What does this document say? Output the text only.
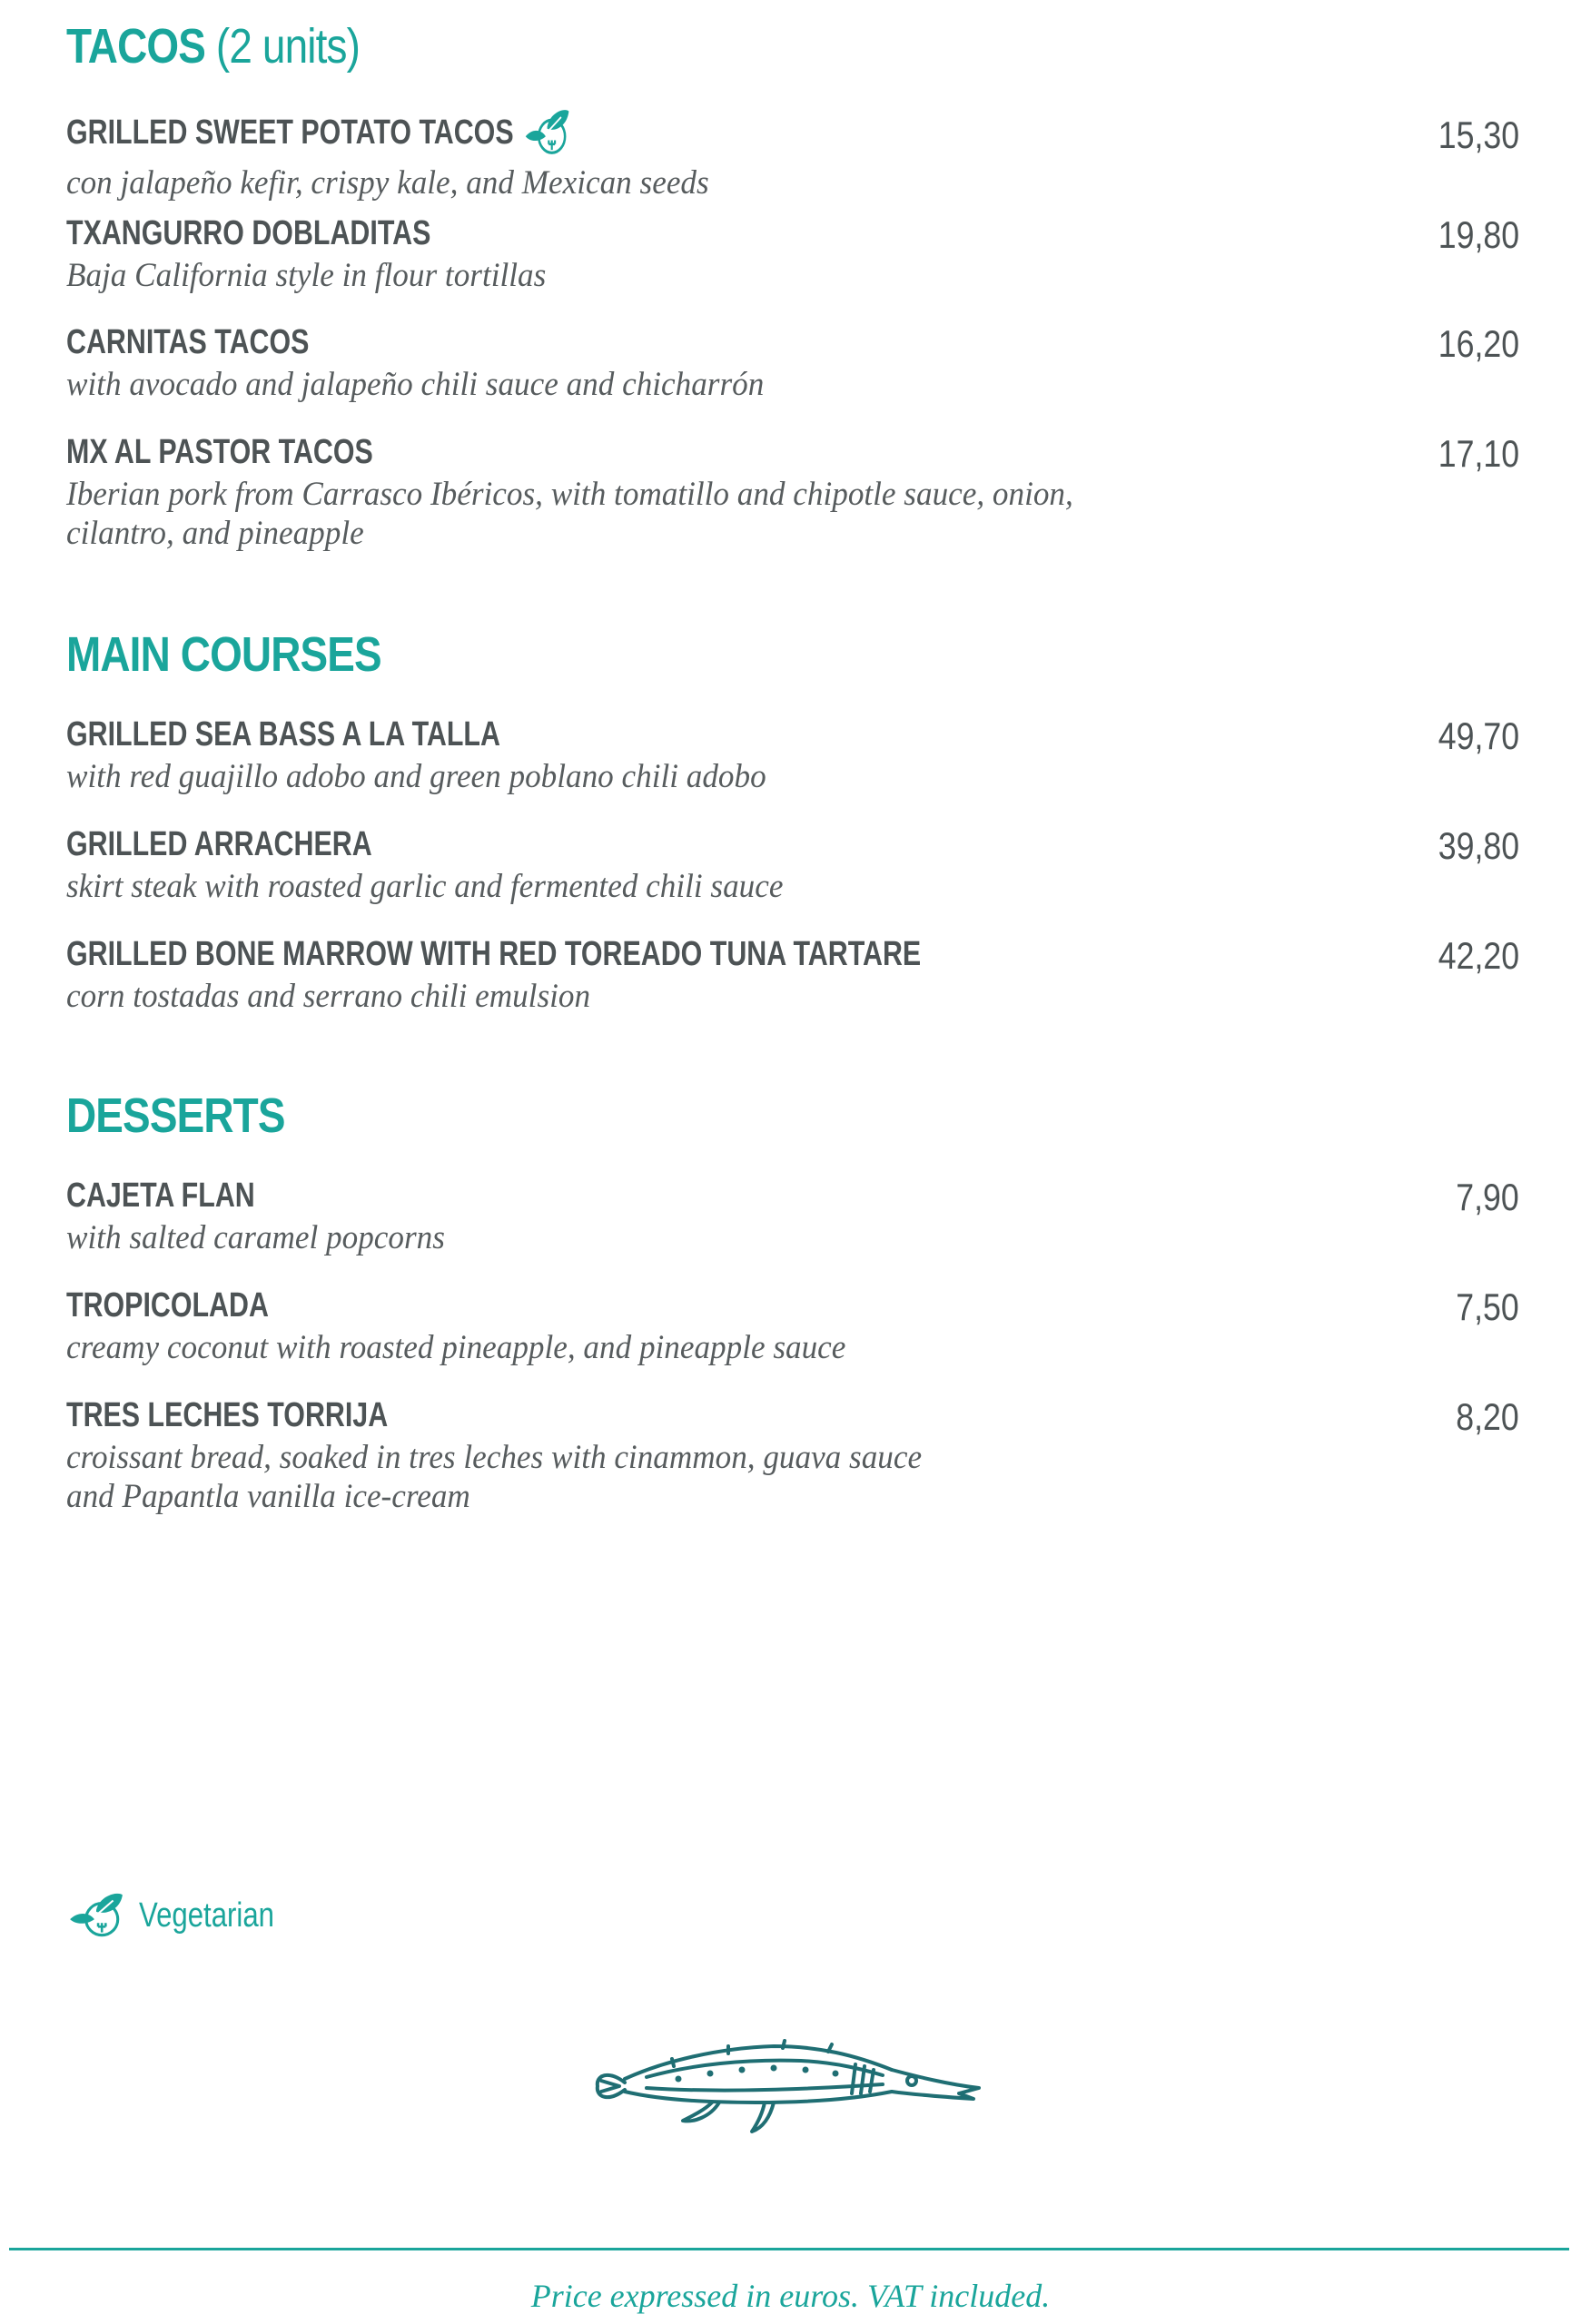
TACOS (2 units)
GRILLED SWEET POTATO TACOS
con jalapeño kefir, crispy kale, and Mexican seeds
15,30
TXANGURRO DOBLADITAS
Baja California style in flour tortillas
19,80
CARNITAS TACOS
with avocado and jalapeño chili sauce and chicharrón
16,20
MX AL PASTOR TACOS
Iberian pork from Carrasco Ibéricos, with tomatillo and chipotle sauce, onion,
cilantro, and pineapple
17,10
MAIN COURSES
GRILLED SEA BASS A LA TALLA
with red guajillo adobo and green poblano chili adobo
49,70
GRILLED ARRACHERA
skirt steak with roasted garlic and fermented chili sauce
39,80
GRILLED BONE MARROW WITH RED TOREADO TUNA TARTARE
corn tostadas and serrano chili emulsion
42,20
DESSERTS
CAJETA FLAN
with salted caramel popcorns
7,90
TROPICOLADA
creamy coconut with roasted pineapple, and pineapple sauce
7,50
TRES LECHES TORRIJA
croissant bread, soaked in tres leches with cinammon, guava sauce
and Papantla vanilla ice-cream
8,20
Vegetarian
Price expressed in euros. VAT included.
